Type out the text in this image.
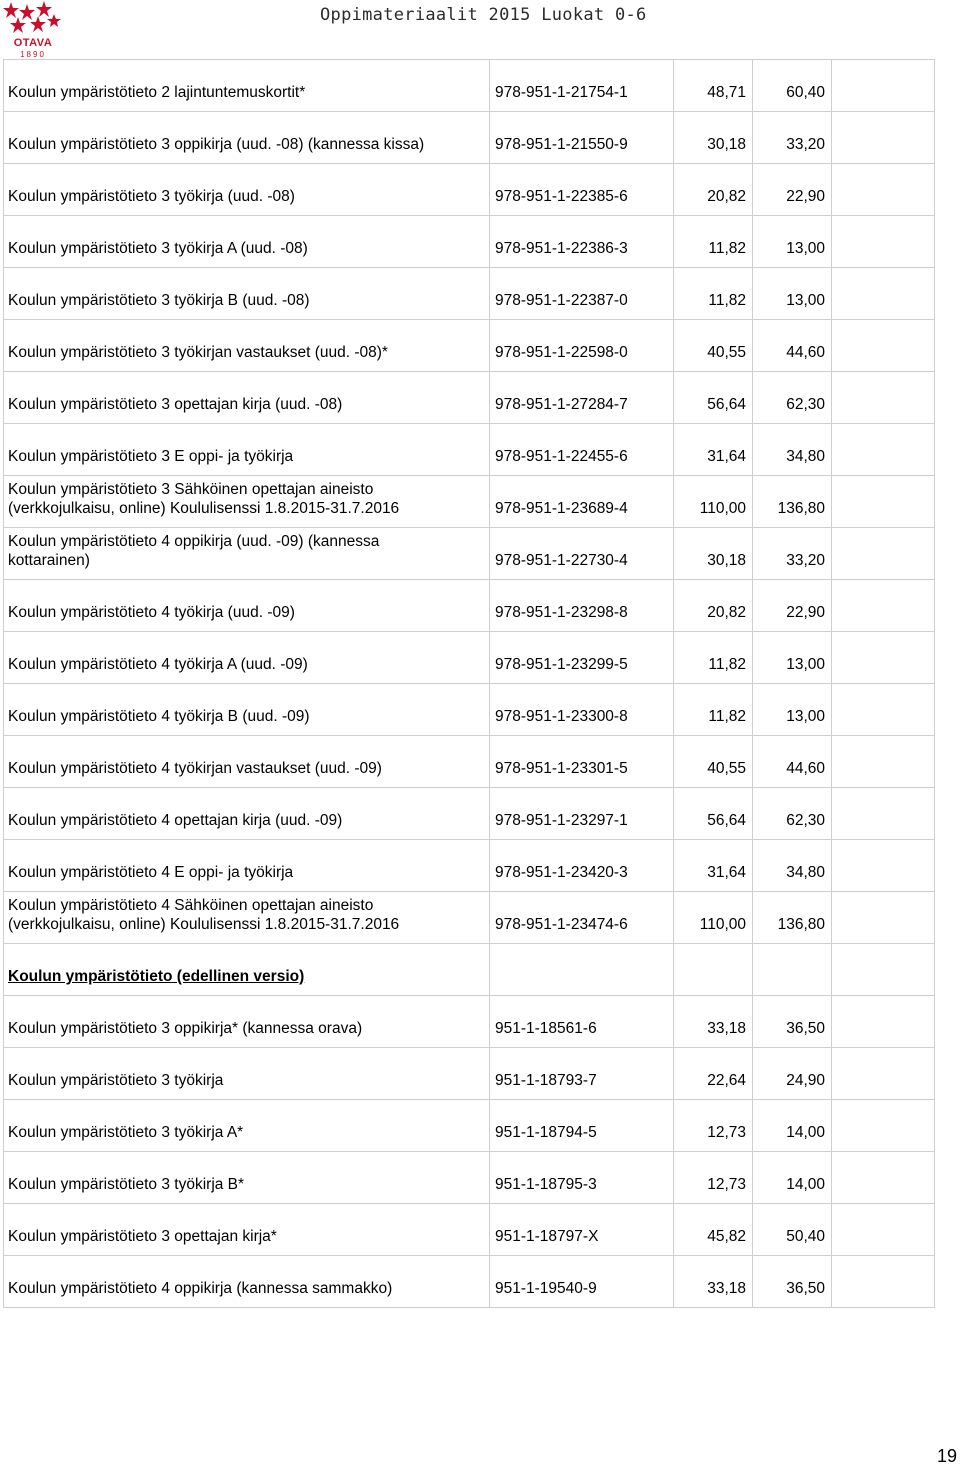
OTAVA
1890
Oppimateriaalit 2015 Luokat 0-6
Koulun ympäristötieto 2 lajintuntemuskortit*	978-951-1-21754-1	48,71	60,40	
Koulun ympäristötieto 3 oppikirja (uud. -08) (kannessa kissa)	978-951-1-21550-9	30,18	33,20	
Koulun ympäristötieto 3 työkirja (uud. -08)	978-951-1-22385-6	20,82	22,90	
Koulun ympäristötieto 3 työkirja A (uud. -08)	978-951-1-22386-3	11,82	13,00	
Koulun ympäristötieto 3 työkirja B (uud. -08)	978-951-1-22387-0	11,82	13,00	
Koulun ympäristötieto 3 työkirjan vastaukset (uud. -08)*	978-951-1-22598-0	40,55	44,60	
Koulun ympäristötieto 3 opettajan kirja (uud. -08)	978-951-1-27284-7	56,64	62,30	
Koulun ympäristötieto 3 E oppi- ja työkirja	978-951-1-22455-6	31,64	34,80	

Koulun ympäristötieto 3 Sähköinen opettajan aineisto
(verkkojulkaisu, online) Koululisenssi 1.8.2015-31.7.2016	978-951-1-23689-4	110,00	136,80	

Koulun ympäristötieto 4 oppikirja (uud. -09) (kannessa
kottarainen)	978-951-1-22730-4	30,18	33,20	
Koulun ympäristötieto 4 työkirja (uud. -09)	978-951-1-23298-8	20,82	22,90	
Koulun ympäristötieto 4 työkirja A (uud. -09)	978-951-1-23299-5	11,82	13,00	
Koulun ympäristötieto 4 työkirja B (uud. -09)	978-951-1-23300-8	11,82	13,00	
Koulun ympäristötieto 4 työkirjan vastaukset (uud. -09)	978-951-1-23301-5	40,55	44,60	
Koulun ympäristötieto 4 opettajan kirja (uud. -09)	978-951-1-23297-1	56,64	62,30	
Koulun ympäristötieto 4 E oppi- ja työkirja	978-951-1-23420-3	31,64	34,80	

Koulun ympäristötieto 4 Sähköinen opettajan aineisto
(verkkojulkaisu, online) Koululisenssi 1.8.2015-31.7.2016	978-951-1-23474-6	110,00	136,80	
Koulun ympäristötieto (edellinen versio)				
Koulun ympäristötieto 3 oppikirja* (kannessa orava)	951-1-18561-6	33,18	36,50	
Koulun ympäristötieto 3 työkirja	951-1-18793-7	22,64	24,90	
Koulun ympäristötieto 3 työkirja A*	951-1-18794-5	12,73	14,00	
Koulun ympäristötieto 3 työkirja B*	951-1-18795-3	12,73	14,00	
Koulun ympäristötieto 3 opettajan kirja*	951-1-18797-X	45,82	50,40	
Koulun ympäristötieto 4 oppikirja (kannessa sammakko)	951-1-19540-9	33,18	36,50	
19
